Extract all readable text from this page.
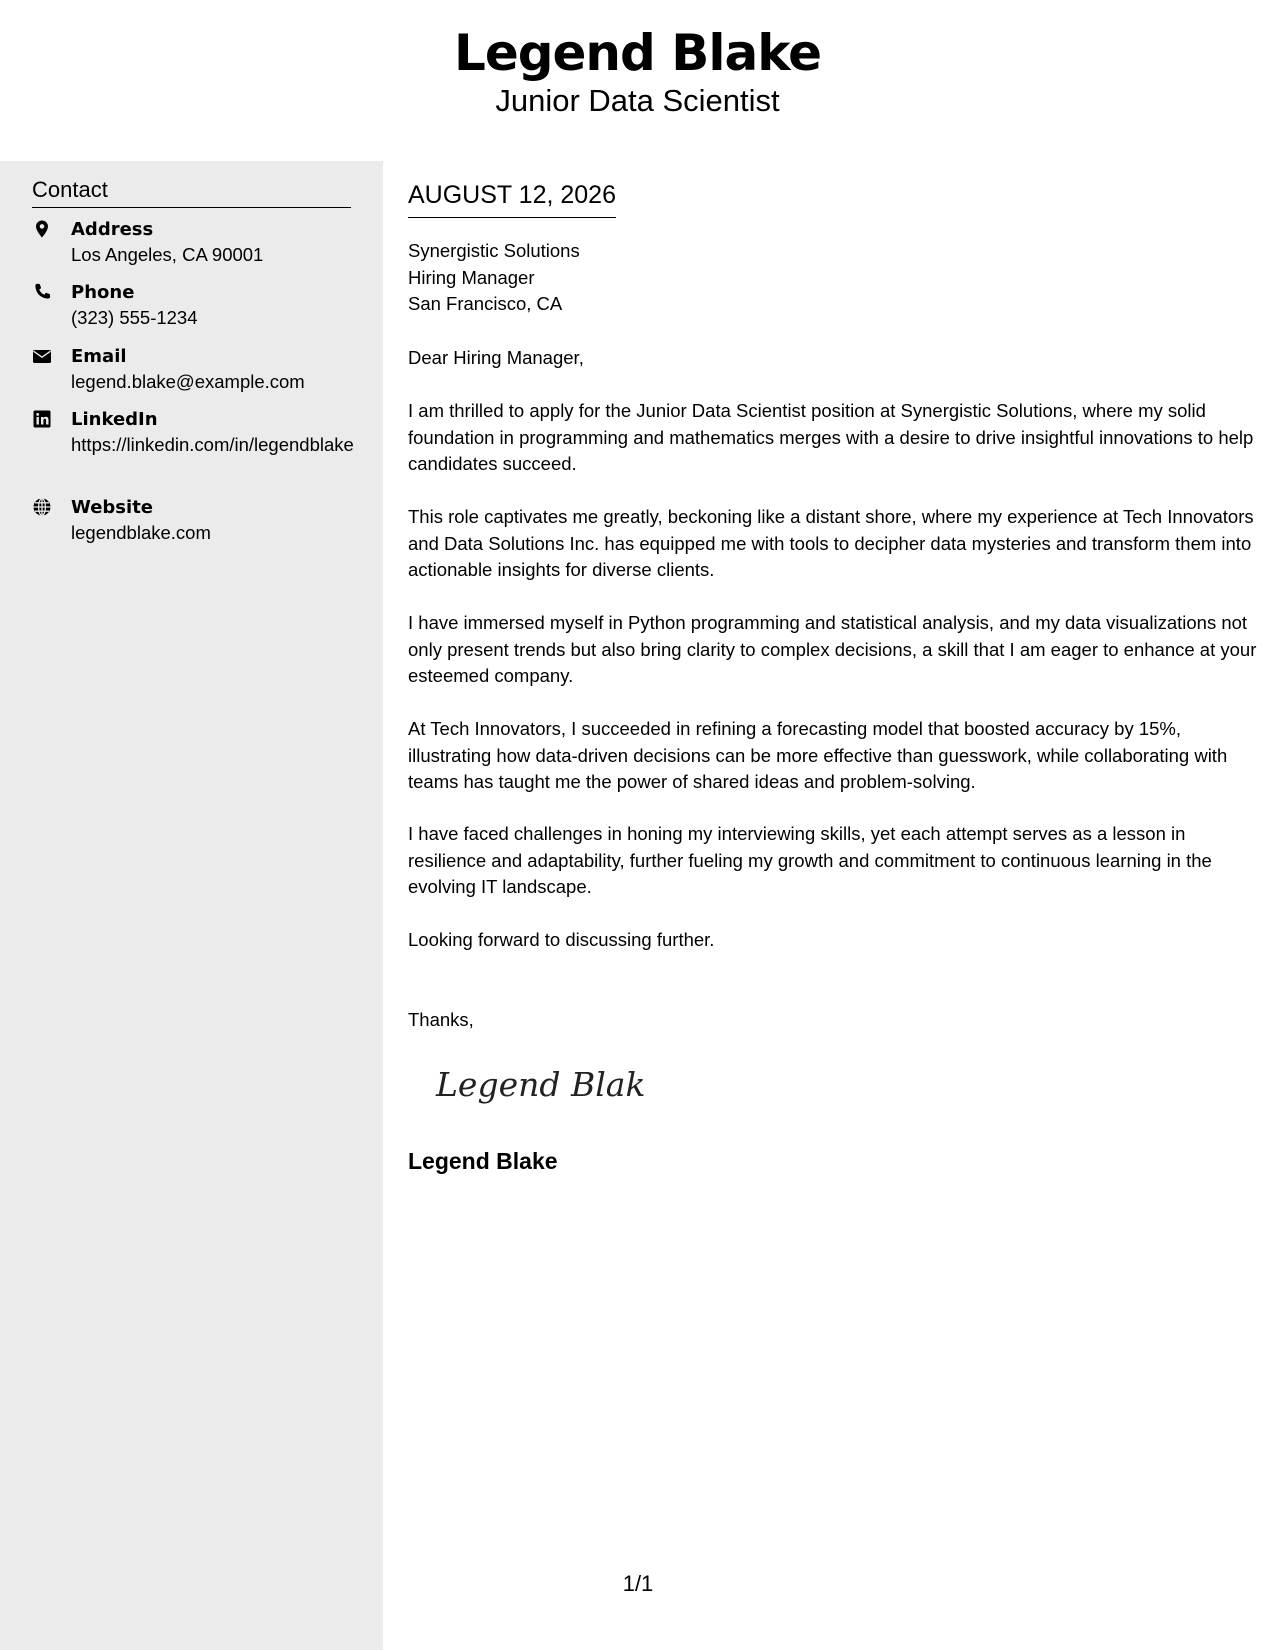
Legend Blake
Junior Data Scientist
Contact
Address
Los Angeles, CA 90001
Phone
(323) 555-1234
Email
legend.blake@example.com
LinkedIn
https://linkedin.com/in/legendblake
Website
legendblake.com
AUGUST 12, 2026
Synergistic Solutions
Hiring Manager
San Francisco, CA
Dear Hiring Manager,
I am thrilled to apply for the Junior Data Scientist position at Synergistic Solutions, where my solid foundation in programming and mathematics merges with a desire to drive insightful innovations to help candidates succeed.
This role captivates me greatly, beckoning like a distant shore, where my experience at Tech Innovators and Data Solutions Inc. has equipped me with tools to decipher data mysteries and transform them into actionable insights for diverse clients.
I have immersed myself in Python programming and statistical analysis, and my data visualizations not only present trends but also bring clarity to complex decisions, a skill that I am eager to enhance at your esteemed company.
At Tech Innovators, I succeeded in refining a forecasting model that boosted accuracy by 15%, illustrating how data-driven decisions can be more effective than guesswork, while collaborating with teams has taught me the power of shared ideas and problem-solving.
I have faced challenges in honing my interviewing skills, yet each attempt serves as a lesson in resilience and adaptability, further fueling my growth and commitment to continuous learning in the evolving IT landscape.
Looking forward to discussing further.
Thanks,
Legend Blake
Legend Blake
1/1
